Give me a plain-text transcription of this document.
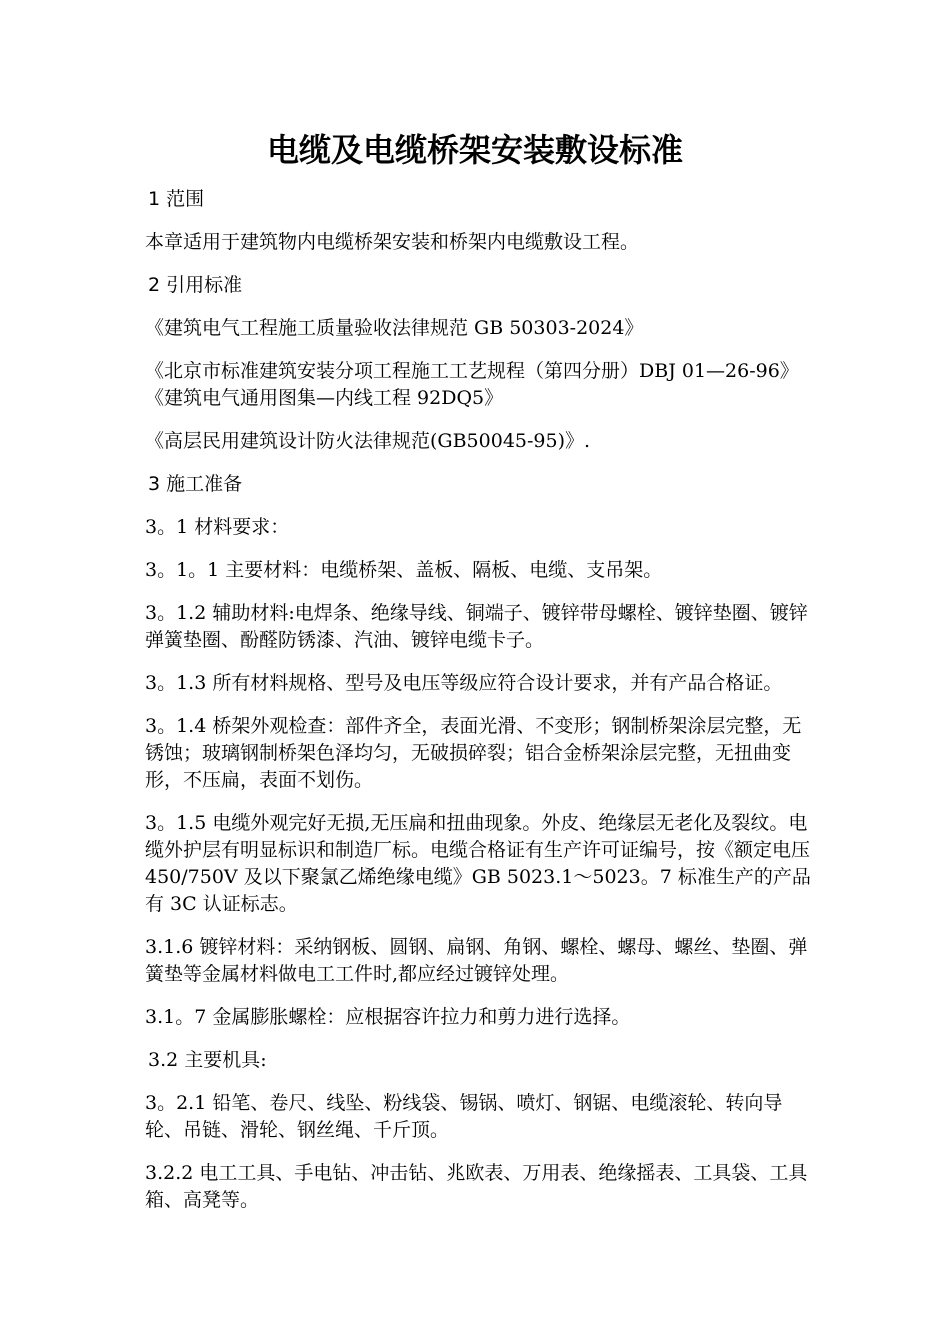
电缆及电缆桥架安装敷设标准
1 范围
本章适用于建筑物内电缆桥架安装和桥架内电缆敷设工程。
2 引用标准
《建筑电气工程施工质量验收法律规范 GB 50303-2024》
《北京市标准建筑安装分项工程施工工艺规程（第四分册）DBJ 01—26-96》　《建筑电气通用图集—内线工程 92DQ5》
《高层民用建筑设计防火法律规范(GB50045-95)》.
3 施工准备
3。1 材料要求：
3。1。1 主要材料：电缆桥架、盖板、隔板、电缆、支吊架。
3。1.2 辅助材料:电焊条、绝缘导线、铜端子、镀锌带母螺栓、镀锌垫圈、镀锌弹簧垫圈、酚醛防锈漆、汽油、镀锌电缆卡子。
3。1.3 所有材料规格、型号及电压等级应符合设计要求，并有产品合格证。
3。1.4 桥架外观检查：部件齐全，表面光滑、不变形；钢制桥架涂层完整，无锈蚀；玻璃钢制桥架色泽均匀，无破损碎裂；铝合金桥架涂层完整，无扭曲变形，不压扁，表面不划伤。
3。1.5 电缆外观完好无损,无压扁和扭曲现象。外皮、绝缘层无老化及裂纹。电缆外护层有明显标识和制造厂标。电缆合格证有生产许可证编号，按《额定电压 450/750V 及以下聚氯乙烯绝缘电缆》GB 5023.1～5023。7 标准生产的产品有 3C 认证标志。
3.1.6 镀锌材料：采纳钢板、圆钢、扁钢、角钢、螺栓、螺母、螺丝、垫圈、弹簧垫等金属材料做电工工件时,都应经过镀锌处理。
3.1。7 金属膨胀螺栓：应根据容许拉力和剪力进行选择。
3.2 主要机具:
3。2.1 铅笔、卷尺、线坠、粉线袋、锡锅、喷灯、钢锯、电缆滚轮、转向导轮、吊链、滑轮、钢丝绳、千斤顶。
3.2.2 电工工具、手电钻、冲击钻、兆欧表、万用表、绝缘摇表、工具袋、工具箱、高凳等。
